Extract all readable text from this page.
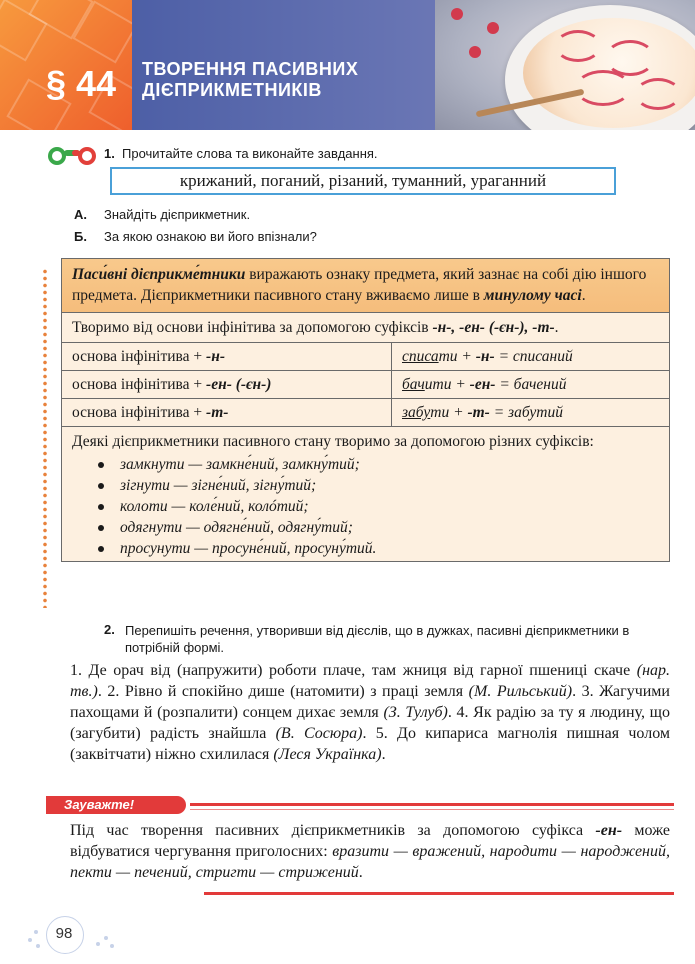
§ 44	ТВОРЕННЯ ПАСИВНИХ
ДІЄПРИКМЕТНИКІВ
1. Прочитайте слова та виконайте завдання.
крижаний, поганий, різаний, туманний, ураганний
А. Знайдіть дієприкметник.
Б. За якою ознакою ви його впізнали?
Паси́вні дієприкме́тники виражають ознаку предмета, який зазнає на собі дію іншого предмета. Дієприкметники пасивного стану вживаємо лише в минулому часі.
Творимо від основи інфінітива за допомогою суфіксів -н-, -ен- (-єн-), -т-.
основа інфінітива + -н-	списати + -н- = списаний
основа інфінітива + -ен- (-єн-)	бачити + -ен- = бачений
основа інфінітива + -т-	забути + -т- = забутий
Деякі дієприкметники пасивного стану творимо за допомогою різних суфіксів:
замкнути — замкне́ний, замкну́тий;
зігнути — зігне́ний, зігну́тий;
колоти — коле́ний, колóтий;
одягнути — одягне́ний, одягну́тий;
просунути — просуне́ний, просуну́тий.
2. Перепишіть речення, утворивши від дієслів, що в дужках, пасивні дієприкметники в потрібній формі.
1. Де орач від (напружити) роботи плаче, там жниця від гарної пшениці скаче (нар. тв.). 2. Рівно й спокійно дише (натомити) з праці земля (М. Рильський). 3. Жагучими пахощами й (розпалити) сонцем дихає земля (З. Тулуб). 4. Як радію за ту я людину, що (загубити) радість знайшла (В. Сосюра). 5. До кипариса магнолія пишная чолом (заквітчати) ніжно схилилася (Леся Українка).
Зауважте!
Під час творення пасивних дієприкметників за допомогою суфікса -ен- може відбуватися чергування приголосних: вразити — вражений, народити — народжений, пекти — печений, стригти — стрижений.
98
